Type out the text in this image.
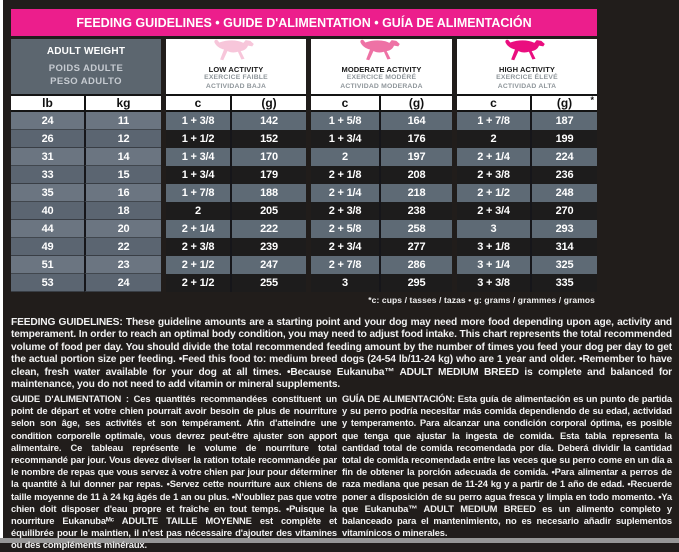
FEEDING GUIDELINES • GUIDE D'ALIMENTATION • GUÍA DE ALIMENTACIÓN
ADULT WEIGHT
POIDS ADULTE
PESO ADULTO
LOW ACTIVITY
EXERCICE FAIBLE
ACTIVIDAD BAJA
MODERATE ACTIVITY
EXERCICE MODÉRÉ
ACTIVIDAD MODERADA
HIGH ACTIVITY
EXERCICE ÉLEVÉ
ACTIVIDAD ALTA
lb	kg	c	(g)	c	(g)	c	(g) *
24	11	1 + 3/8	142	1 + 5/8	164	1 + 7/8	187
26	12	1 + 1/2	152	1 + 3/4	176	2	199
31	14	1 + 3/4	170	2	197	2 + 1/4	224
33	15	1 + 3/4	179	2 + 1/8	208	2 + 3/8	236
35	16	1 + 7/8	188	2 + 1/4	218	2 + 1/2	248
40	18	2	205	2 + 3/8	238	2 + 3/4	270
44	20	2 + 1/4	222	2 + 5/8	258	3	293
49	22	2 + 3/8	239	2 + 3/4	277	3 + 1/8	314
51	23	2 + 1/2	247	2 + 7/8	286	3 + 1/4	325
53	24	2 + 1/2	255	3	295	3 + 3/8	335
*c: cups / tasses / tazas • g: grams / grammes / gramos
FEEDING GUIDELINES: These guideline amounts are a starting point and your dog may need more food depending upon age, activity and temperament. In order to reach an optimal body condition, you may need to adjust food intake. This chart represents the total recommended volume of food per day. You should divide the total recommended feeding amount by the number of times you feed your dog per day to get the actual portion size per feeding. •Feed this food to: medium breed dogs (24-54 lb/11-24 kg) who are 1 year and older. •Remember to have clean, fresh water available for your dog at all times. •Because Eukanuba™ ADULT MEDIUM BREED is complete and balanced for maintenance, you do not need to add vitamin or mineral supplements.
GUIDE D'ALIMENTATION : Ces quantités recommandées constituent un point de départ et votre chien pourrait avoir besoin de plus de nourriture selon son âge, ses activités et son tempérament. Afin d'atteindre une condition corporelle optimale, vous devrez peut-être ajuster son apport alimentaire. Ce tableau représente le volume de nourriture total recommandé par jour. Vous devez diviser la ration totale recommandée par le nombre de repas que vous servez à votre chien par jour pour déterminer la quantité à lui donner par repas. •Servez cette nourriture aux chiens de taille moyenne de 11 à 24 kg âgés de 1 an ou plus. •N'oubliez pas que votre chien doit disposer d'eau propre et fraîche en tout temps. •Puisque la nourriture Eukanubaᴹᶜ ADULTE TAILLE MOYENNE est complète et équilibrée pour le maintien, il n'est pas nécessaire d'ajouter des vitamines ou des compléments minéraux.
GUÍA DE ALIMENTACIÓN: Esta guía de alimentación es un punto de partida y su perro podría necesitar más comida dependiendo de su edad, actividad y temperamento. Para alcanzar una condición corporal óptima, es posible que tenga que ajustar la ingesta de comida. Esta tabla representa la cantidad total de comida recomendada por día. Deberá dividir la cantidad total de comida recomendada entre las veces que su perro come en un día a fin de obtener la porción adecuada de comida. •Para alimentar a perros de raza mediana que pesan de 11-24 kg y a partir de 1 año de edad. •Recuerde poner a disposición de su perro agua fresca y limpia en todo momento. •Ya que Eukanuba™ ADULT MEDIUM BREED es un alimento completo y balanceado para el mantenimiento, no es necesario añadir suplementos vitamínicos o minerales.
